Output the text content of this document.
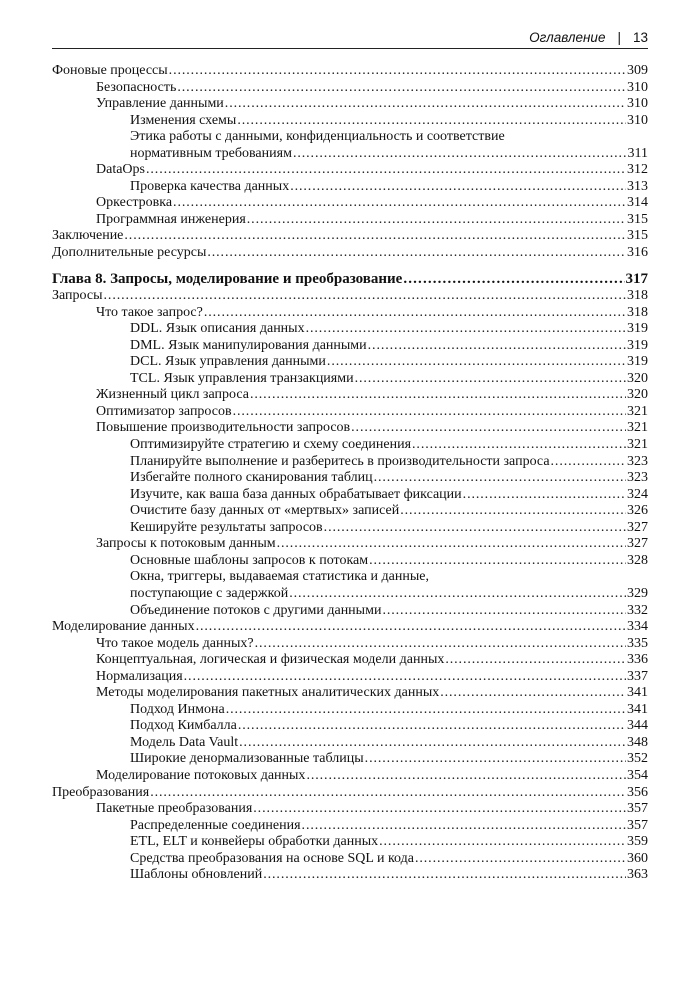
Оглавление | 13
Фоновые процессы . . .	309
Безопасность . . .	310
Управление данными . . .	310
Изменения схемы . . .	310
Этика работы с данными, конфиденциальность и соответствие
нормативным требованиям . . .	311
DataOps . . .	312
Проверка качества данных . . .	313
Оркестровка . . .	314
Программная инженерия . . .	315
Заключение . . .	315
Дополнительные ресурсы . . .	316
Глава 8. Запросы, моделирование и преобразование . . .	317
Запросы . . .	318
Что такое запрос? . . .	318
DDL. Язык описания данных . . .	319
DML. Язык манипулирования данными . . .	319
DCL. Язык управления данными . . .	319
TCL. Язык управления транзакциями . . .	320
Жизненный цикл запроса . . .	320
Оптимизатор запросов . . .	321
Повышение производительности запросов . . .	321
Оптимизируйте стратегию и схему соединения . . .	321
Планируйте выполнение и разберитесь в производительности запроса . . .	323
Избегайте полного сканирования таблиц . . .	323
Изучите, как ваша база данных обрабатывает фиксации . . .	324
Очистите базу данных от «мертвых» записей . . .	326
Кешируйте результаты запросов . . .	327
Запросы к потоковым данным . . .	327
Основные шаблоны запросов к потокам . . .	328
Окна, триггеры, выдаваемая статистика и данные,
поступающие с задержкой . . .	329
Объединение потоков с другими данными . . .	332
Моделирование данных . . .	334
Что такое модель данных? . . .	335
Концептуальная, логическая и физическая модели данных . . .	336
Нормализация . . .	337
Методы моделирования пакетных аналитических данных . . .	341
Подход Инмона . . .	341
Подход Кимбалла . . .	344
Модель Data Vault . . .	348
Широкие денормализованные таблицы . . .	352
Моделирование потоковых данных . . .	354
Преобразования . . .	356
Пакетные преобразования . . .	357
Распределенные соединения . . .	357
ETL, ELT и конвейеры обработки данных . . .	359
Средства преобразования на основе SQL и кода . . .	360
Шаблоны обновлений . . .	363
